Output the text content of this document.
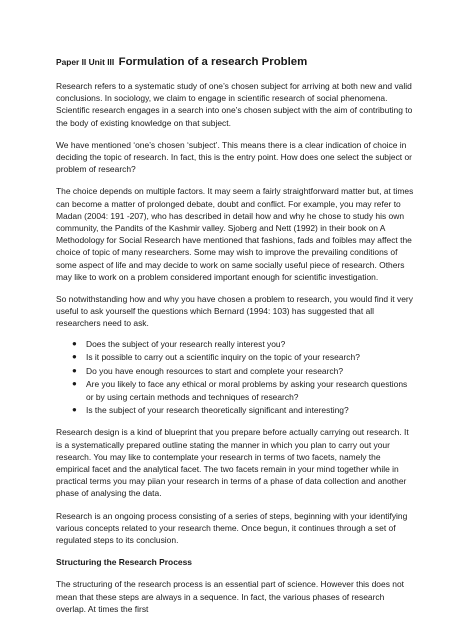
Paper II Unit III Formulation of a research Problem

Research refers to a systematic study of one’s chosen subject for arriving at both new and valid conclusions. In sociology, we claim to engage in scientific research of social phenomena. Scientific research engages in a search into one’s chosen subject with the aim of contributing to the body of existing knowledge on that subject.

We have mentioned ‘one’s chosen ‘subject’. This means there is a clear indication of choice in deciding the topic of research. In fact, this is the entry point. How does one select the subject or problem of research?

The choice depends on multiple factors. It may seem a fairly straightforward matter but, at times can become a matter of prolonged debate, doubt and conflict. For example, you may refer to Madan (2004: 191 -207), who has described in detail how and why he chose to study his own community, the Pandits of the Kashmir valley. Sjoberg and Nett (1992) in their book on A Methodology for Social Research have mentioned that fashions, fads and foibles may affect the choice of topic of many researchers. Some may wish to improve the prevailing conditions of some aspect of life and may decide to work on same socially useful piece of research. Others may like to work on a problem considered important enough for scientific investigation.

So notwithstanding how and why you have chosen a problem to research, you would find it very useful to ask yourself the questions which Bernard (1994: 103) has suggested that all researchers need to ask.

● Does the subject of your research really interest you?
● Is it possible to carry out a scientific inquiry on the topic of your research?
● Do you have enough resources to start and complete your research?
● Are you likely to face any ethical or moral problems by asking your research questions or by using certain methods and techniques of research?
● Is the subject of your research theoretically significant and interesting?

Research design is a kind of blueprint that you prepare before actually carrying out research. It is a systematically prepared outline stating the manner in which you plan to carry out your research. You may like to contemplate your research in terms of two facets, namely the empirical facet and the analytical facet. The two facets remain in your mind together while in practical terms you may piian your research in terms of a phase of data collection and another phase of analysing the data.

Research is an ongoing process consisting of a series of steps, beginning with your identifying various concepts related to your research theme. Once begun, it continues through a set of regulated steps to its conclusion.

Structuring the Research Process

The structuring of the research process is an essential part of science. However this does not mean that these steps are always in a sequence. In fact, the various phases of research overlap. At times the first
